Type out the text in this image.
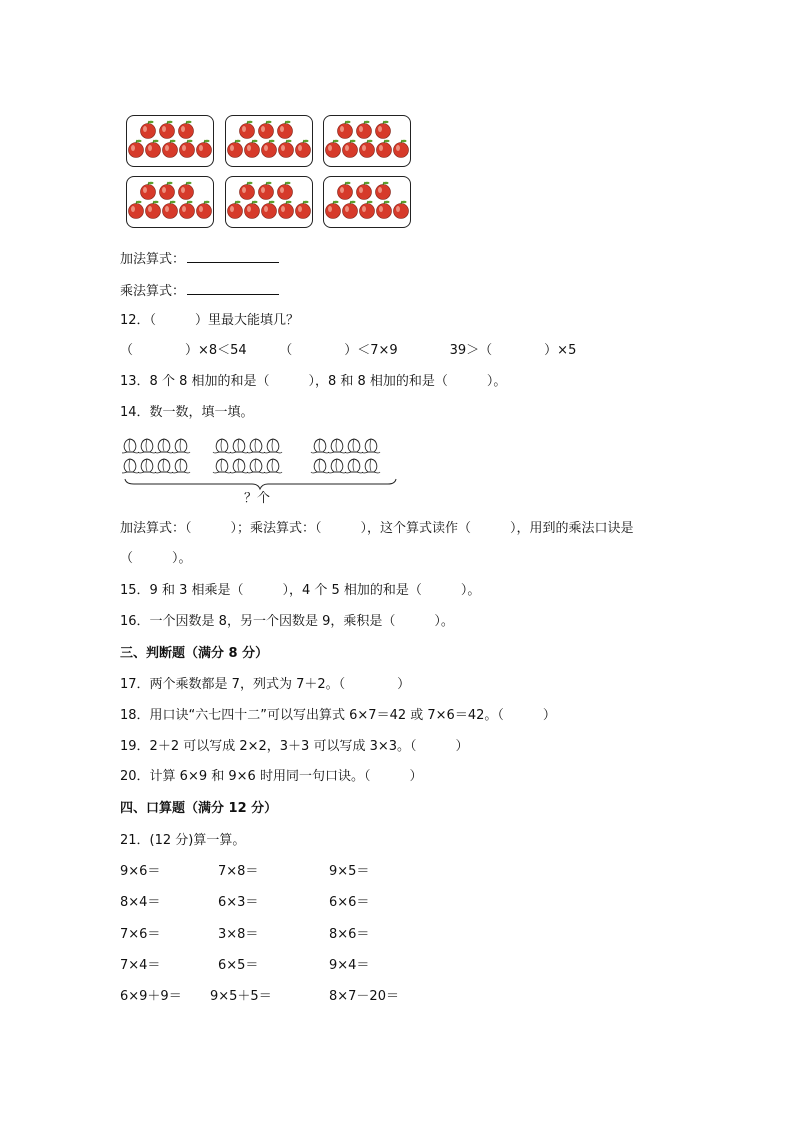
加法算式：
乘法算式：
12．（　　　）里最大能填几？
（　　　　）×8＜54　　　（　　　　）＜7×9　　　　39＞（　　　　）×5
13．8 个 8 相加的和是（　　　），8 和 8 相加的和是（　　　）。
14．数一数，填一填。
？个
加法算式：（　　　）；乘法算式：（　　　），这个算式读作（　　　），用到的乘法口诀是
（　　　）。
15．9 和 3 相乘是（　　　），4 个 5 相加的和是（　　　）。
16．一个因数是 8，另一个因数是 9，乘积是（　　　）。
三、判断题（满分 8 分）
17．两个乘数都是 7，列式为 7＋2。（　　　　）
18．用口诀“六七四十二”可以写出算式 6×7＝42 或 7×6＝42。（　　　）
19．2＋2 可以写成 2×2，3＋3 可以写成 3×3。（　　　）
20．计算 6×9 和 9×6 时用同一句口诀。（　　　）
四、口算题（满分 12 分）
21．(12 分)算一算。
9×6＝	7×8＝	9×5＝
8×4＝	6×3＝	6×6＝
7×6＝	3×8＝	8×6＝
7×4＝	6×5＝	9×4＝
6×9＋9＝ 9×5＋5＝	8×7－20＝
